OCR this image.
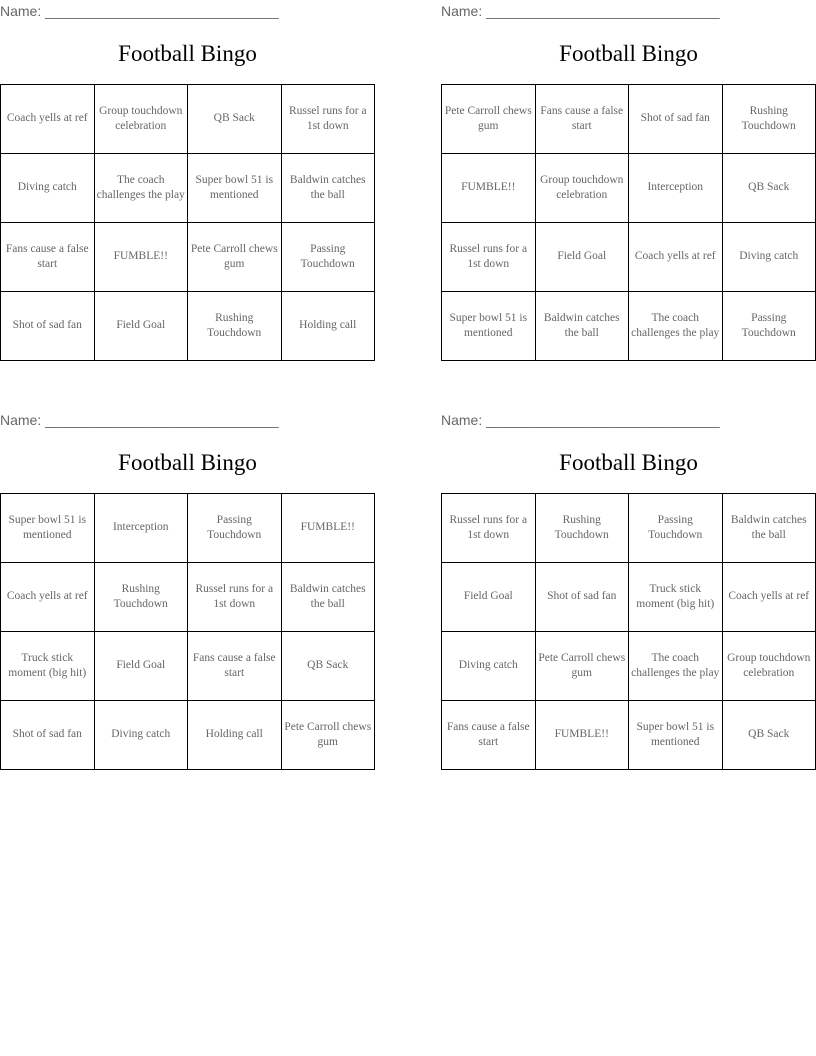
Name: ______________________________
Football Bingo
Coach yells at ref	Group touchdown celebration	QB Sack	Russel runs for a 1st down
Diving catch	The coach challenges the play	Super bowl 51 is mentioned	Baldwin catches the ball
Fans cause a false start	FUMBLE!!	Pete Carroll chews gum	Passing Touchdown
Shot of sad fan	Field Goal	Rushing Touchdown	Holding call
Name: ______________________________
Football Bingo
Pete Carroll chews gum	Fans cause a false start	Shot of sad fan	Rushing Touchdown
FUMBLE!!	Group touchdown celebration	Interception	QB Sack
Russel runs for a 1st down	Field Goal	Coach yells at ref	Diving catch
Super bowl 51 is mentioned	Baldwin catches the ball	The coach challenges the play	Passing Touchdown
Name: ______________________________
Football Bingo
Super bowl 51 is mentioned	Interception	Passing Touchdown	FUMBLE!!
Coach yells at ref	Rushing Touchdown	Russel runs for a 1st down	Baldwin catches the ball
Truck stick moment (big hit)	Field Goal	Fans cause a false start	QB Sack
Shot of sad fan	Diving catch	Holding call	Pete Carroll chews gum
Name: ______________________________
Football Bingo
Russel runs for a 1st down	Rushing Touchdown	Passing Touchdown	Baldwin catches the ball
Field Goal	Shot of sad fan	Truck stick moment (big hit)	Coach yells at ref
Diving catch	Pete Carroll chews gum	The coach challenges the play	Group touchdown celebration
Fans cause a false start	FUMBLE!!	Super bowl 51 is mentioned	QB Sack
